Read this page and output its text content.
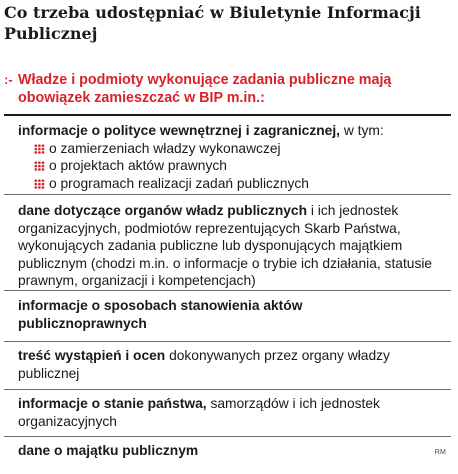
Co trzeba udostępniać w Biuletynie Informacji Publicznej
:- Władze i podmioty wykonujące zadania publiczne mają obowiązek zamieszczać w BIP m.in.:
informacje o polityce wewnętrznej i zagranicznej, w tym:
o zamierzeniach władzy wykonawczej
o projektach aktów prawnych
o programach realizacji zadań publicznych
dane dotyczące organów władz publicznych i ich jednostek organizacyjnych, podmiotów reprezentujących Skarb Państwa, wykonujących zadania publiczne lub dysponujących majątkiem publicznym (chodzi m.in. o informacje o trybie ich działania, statusie prawnym, organizacji i kompetencjach)
informacje o sposobach stanowienia aktów publicznoprawnych
treść wystąpień i ocen dokonywanych przez organy władzy publicznej
informacje o stanie państwa, samorządów i ich jednostek organizacyjnych
dane o majątku publicznym	RM
